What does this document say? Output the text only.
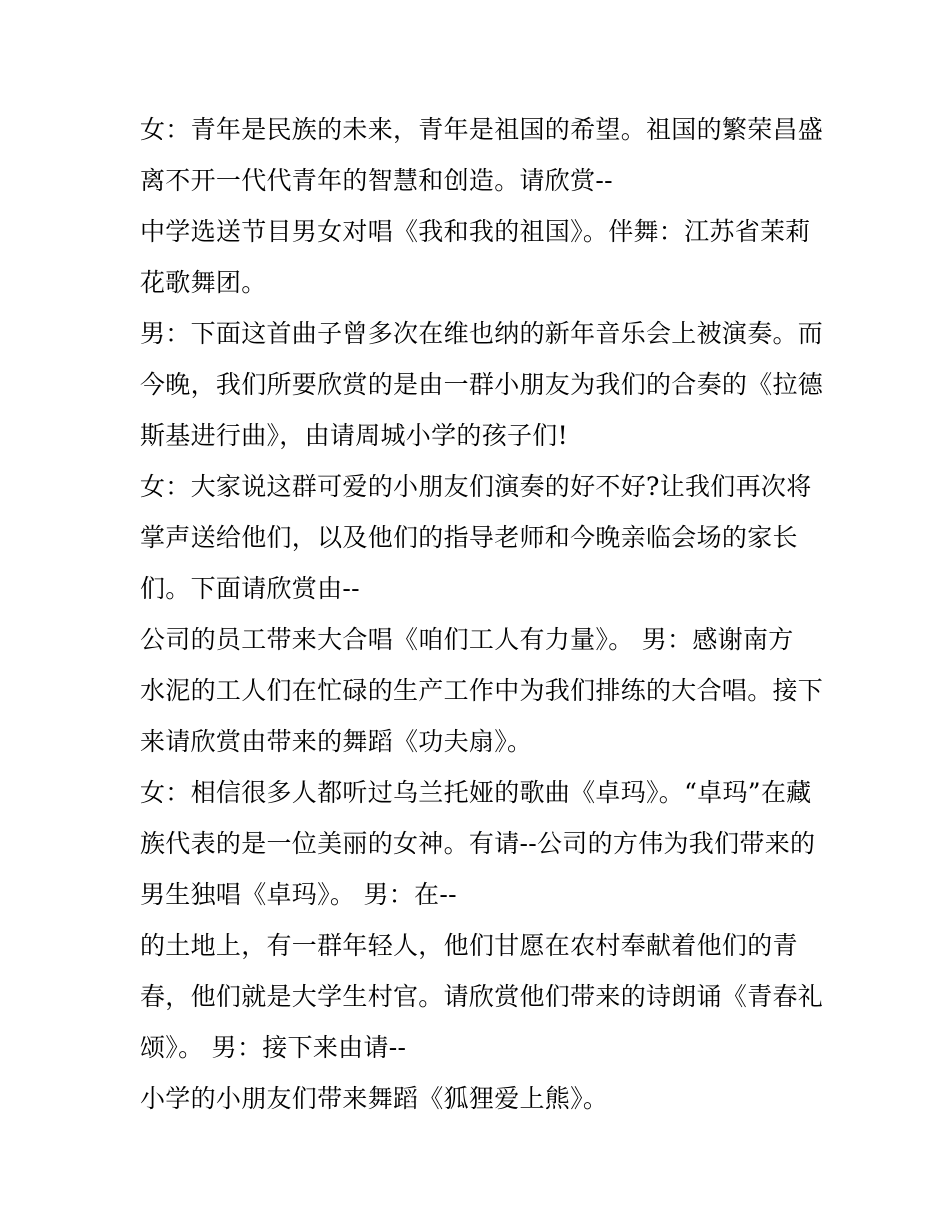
女：青年是民族的未来，青年是祖国的希望。祖国的繁荣昌盛
离不开一代代青年的智慧和创造。请欣赏--
中学选送节目男女对唱《我和我的祖国》。伴舞：江苏省茉莉
花歌舞团。
男：下面这首曲子曾多次在维也纳的新年音乐会上被演奏。而
今晚，我们所要欣赏的是由一群小朋友为我们的合奏的《拉德
斯基进行曲》，由请周城小学的孩子们!
女：大家说这群可爱的小朋友们演奏的好不好?让我们再次将
掌声送给他们，以及他们的指导老师和今晚亲临会场的家长
们。下面请欣赏由--
公司的员工带来大合唱《咱们工人有力量》。 男：感谢南方
水泥的工人们在忙碌的生产工作中为我们排练的大合唱。接下
来请欣赏由带来的舞蹈《功夫扇》。
女：相信很多人都听过乌兰托娅的歌曲《卓玛》。“卓玛”在藏
族代表的是一位美丽的女神。有请--公司的方伟为我们带来的
男生独唱《卓玛》。 男：在--
的土地上，有一群年轻人，他们甘愿在农村奉献着他们的青
春，他们就是大学生村官。请欣赏他们带来的诗朗诵《青春礼
颂》。 男：接下来由请--
小学的小朋友们带来舞蹈《狐狸爱上熊》。
